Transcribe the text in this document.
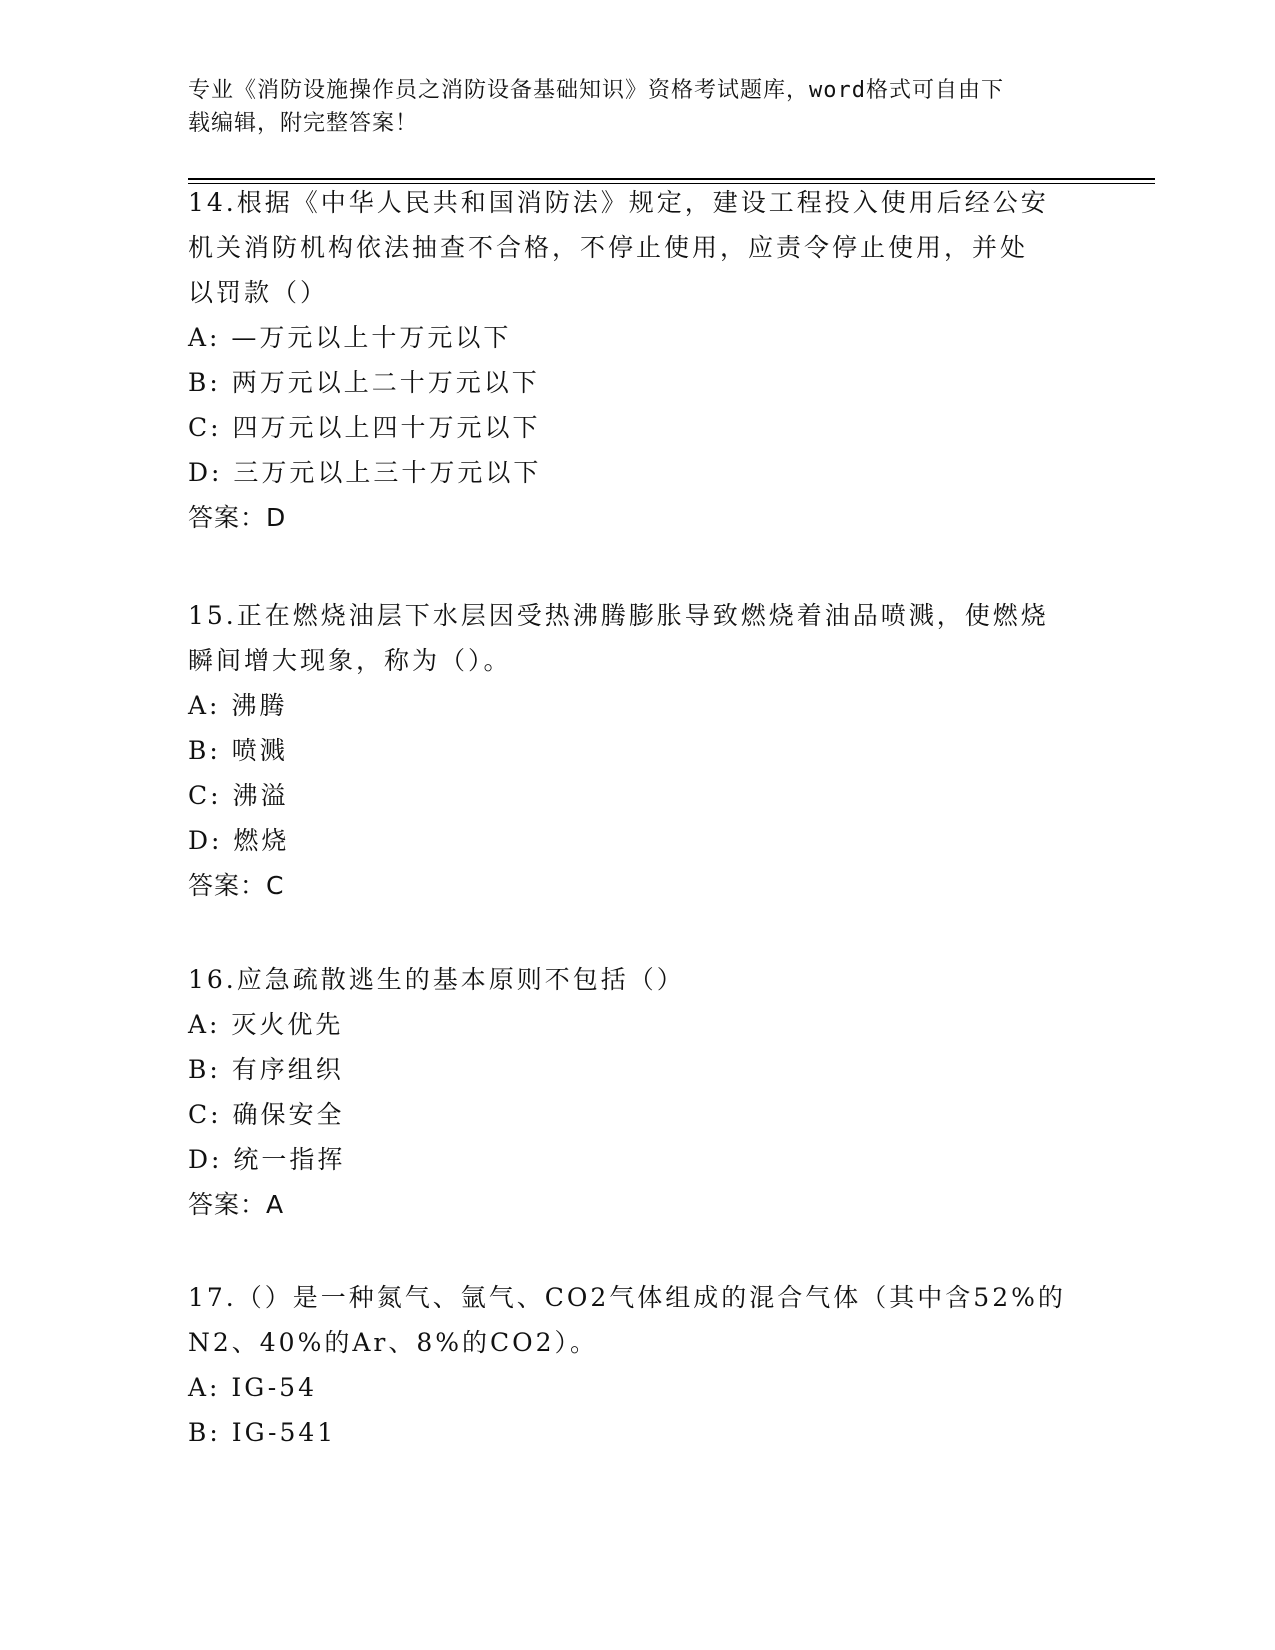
专业《消防设施操作员之消防设备基础知识》资格考试题库，word格式可自由下
载编辑，附完整答案！

14.根据《中华人民共和国消防法》规定，建设工程投入使用后经公安

机关消防机构依法抽查不合格，不停止使用，应责令停止使用，并处

以罚款（）

A: —万元以上十万元以下

B: 两万元以上二十万元以下

C: 四万元以上四十万元以下

D: 三万元以上三十万元以下

答案：D

15.正在燃烧油层下水层因受热沸腾膨胀导致燃烧着油品喷溅，使燃烧

瞬间增大现象，称为（）。

A: 沸腾

B: 喷溅

C: 沸溢

D: 燃烧

答案：C

16.应急疏散逃生的基本原则不包括（）

A: 灭火优先

B: 有序组织

C: 确保安全

D: 统一指挥

答案：A

17.（）是一种氮气、氩气、CO2气体组成的混合气体（其中含52%的

N2、40%的Ar、8%的CO2）。

A: IG-54

B: IG-541
